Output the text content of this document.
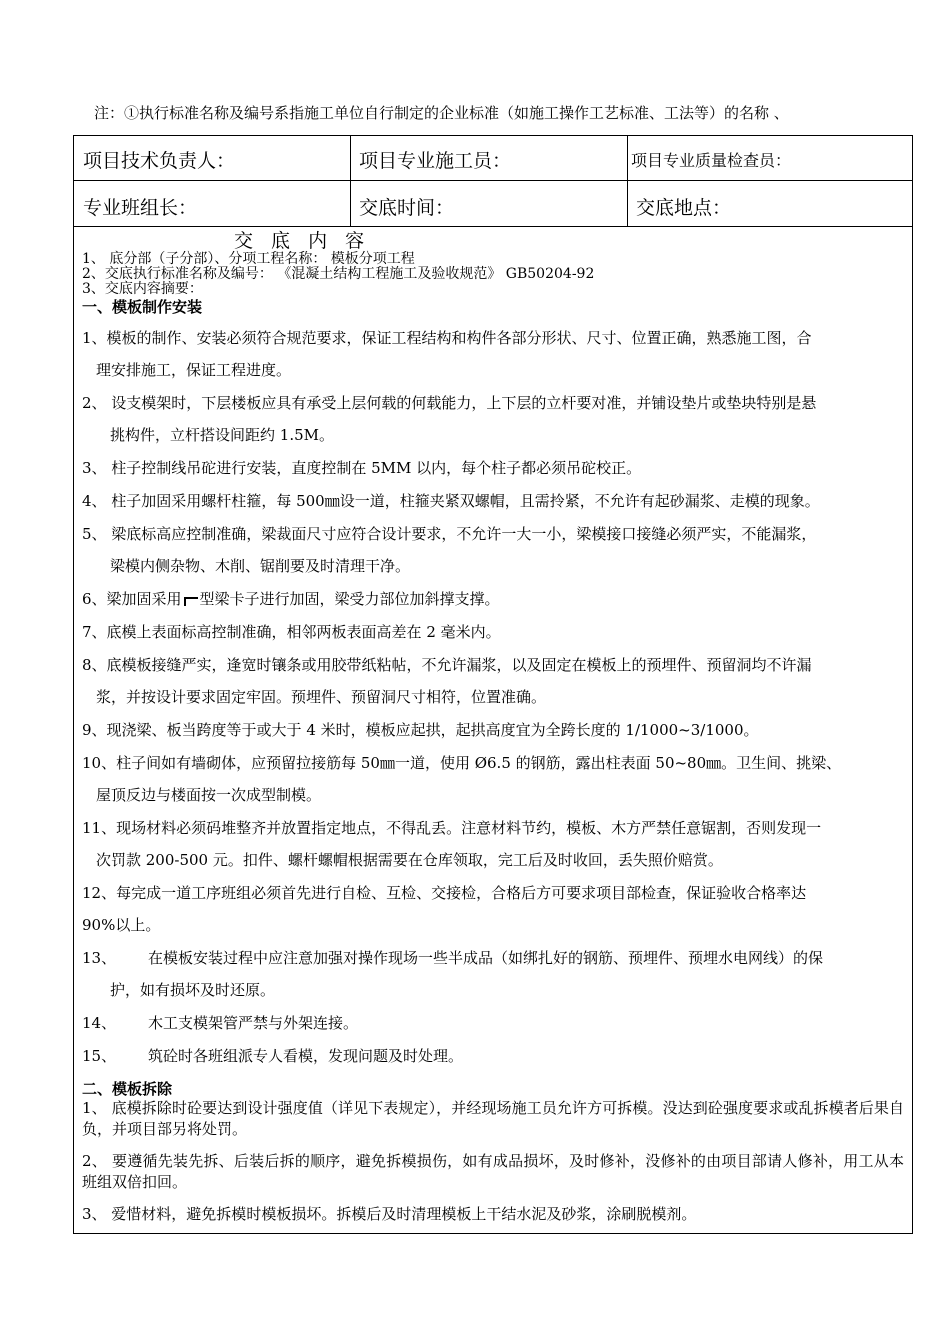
注：①执行标准名称及编号系指施工单位自行制定的企业标准（如施工操作工艺标准、工法等）的名称 、
项目技术负责人：	项目专业施工员：	项目专业质量检查员：
专业班组长：	交底时间：	交底地点：
交 底 内 容
1、 底分部（子分部）、分项工程名称： 模板分项工程
2、交底执行标准名称及编号： 《混凝土结构工程施工及验收规范》 GB50204-92
3、交底内容摘要：
一、模板制作安装
1、模板的制作、安装必须符合规范要求，保证工程结构和构件各部分形状、尺寸、位置正确，熟悉施工图，合
理安排施工，保证工程进度。
2、 设支模架时，下层楼板应具有承受上层何载的何载能力，上下层的立杆要对准，并铺设垫片或垫块特别是悬
挑构件，立杆搭设间距约 1.5M。
3、 柱子控制线吊砣进行安装，直度控制在 5MM 以内，每个柱子都必须吊砣校正。
4、 柱子加固采用螺杆柱箍，每 500㎜设一道，柱箍夹紧双螺帽，且需拎紧，不允许有起砂漏浆、走模的现象。
5、 梁底标高应控制准确，梁裁面尺寸应符合设计要求，不允许一大一小，梁模接口接缝必须严实，不能漏浆，
梁模内侧杂物、木削、锯削要及时清理干净。
6、梁加固采用 型梁卡子进行加固，梁受力部位加斜撑支撑。
7、底模上表面标高控制准确，相邻两板表面高差在 2 毫米内。
8、底模板接缝严实，逢宽时镶条或用胶带纸粘帖，不允许漏浆，以及固定在模板上的预埋件、预留洞均不许漏
浆，并按设计要求固定牢固。预埋件、预留洞尺寸相符，位置准确。
9、现浇梁、板当跨度等于或大于 4 米时，模板应起拱，起拱高度宜为全跨长度的 1/1000~3/1000。
10、柱子间如有墙砌体，应预留拉接筋每 50㎜一道，使用 Ø6.5 的钢筋，露出柱表面 50~80㎜。卫生间、挑梁、
屋顶反边与楼面按一次成型制模。
11、现场材料必须码堆整齐并放置指定地点，不得乱丢。注意材料节约，模板、木方严禁任意锯割，否则发现一
次罚款 200-500 元。扣件、螺杆螺帽根据需要在仓库领取，完工后及时收回，丢失照价赔赏。
12、每完成一道工序班组必须首先进行自检、互检、交接检，合格后方可要求项目部检查，保证验收合格率达
90%以上。
13、 在模板安装过程中应注意加强对操作现场一些半成品（如绑扎好的钢筋、预埋件、预埋水电网线）的保
护，如有损坏及时还原。
14、 木工支模架管严禁与外架连接。
15、 筑砼时各班组派专人看模，发现问题及时处理。
二、模板拆除
1、 底模拆除时砼要达到设计强度值（详见下表规定），并经现场施工员允许方可拆模。没达到砼强度要求或乱拆模者后果自负，并项目部另将处罚。
2、 要遵循先装先拆、后装后拆的顺序，避免拆模损伤，如有成品损坏，及时修补，没修补的由项目部请人修补，用工从本班组双倍扣回。
3、 爱惜材料，避免拆模时模板损坏。拆模后及时清理模板上干结水泥及砂浆，涂刷脱模剂。
